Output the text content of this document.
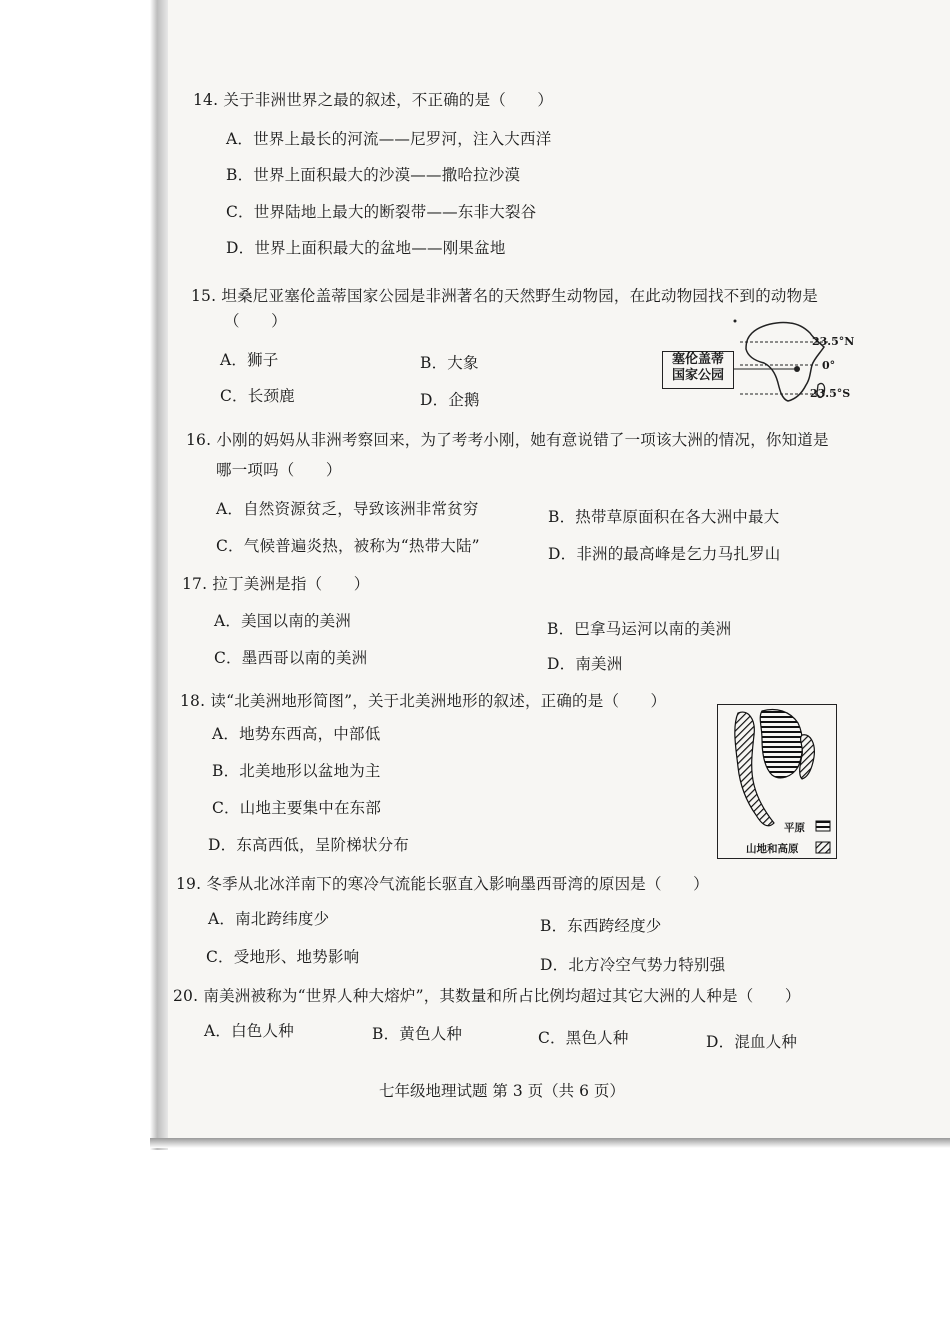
14. 关于非洲世界之最的叙述，不正确的是（　　）
A．世界上最长的河流——尼罗河，注入大西洋
B．世界上面积最大的沙漠——撒哈拉沙漠
C．世界陆地上最大的断裂带——东非大裂谷
D．世界上面积最大的盆地——刚果盆地
15. 坦桑尼亚塞伦盖蒂国家公园是非洲著名的天然野生动物园，在此动物园找不到的动物是
（　　）
A．狮子	B．大象
C．长颈鹿	D．企鹅
塞伦盖蒂
国家公园
23.5°N
0°
23.5°S
16. 小刚的妈妈从非洲考察回来，为了考考小刚，她有意说错了一项该大洲的情况，你知道是
哪一项吗（　　）
A．自然资源贫乏，导致该洲非常贫穷	B．热带草原面积在各大洲中最大
C．气候普遍炎热，被称为“热带大陆”	D．非洲的最高峰是乞力马扎罗山
17. 拉丁美洲是指（　　）
A．美国以南的美洲	B．巴拿马运河以南的美洲
C．墨西哥以南的美洲	D．南美洲
18. 读“北美洲地形简图”，关于北美洲地形的叙述，正确的是（　　）
A．地势东西高，中部低
B．北美地形以盆地为主
C．山地主要集中在东部
D．东高西低，呈阶梯状分布
平原
山地和高原
19. 冬季从北冰洋南下的寒冷气流能长驱直入影响墨西哥湾的原因是（　　）
A．南北跨纬度少	B．东西跨经度少
C．受地形、地势影响	D．北方冷空气势力特别强
20. 南美洲被称为“世界人种大熔炉”，其数量和所占比例均超过其它大洲的人种是（　　）
A．白色人种	B．黄色人种	C．黑色人种	D．混血人种
七年级地理试题 第 3 页（共 6 页）
